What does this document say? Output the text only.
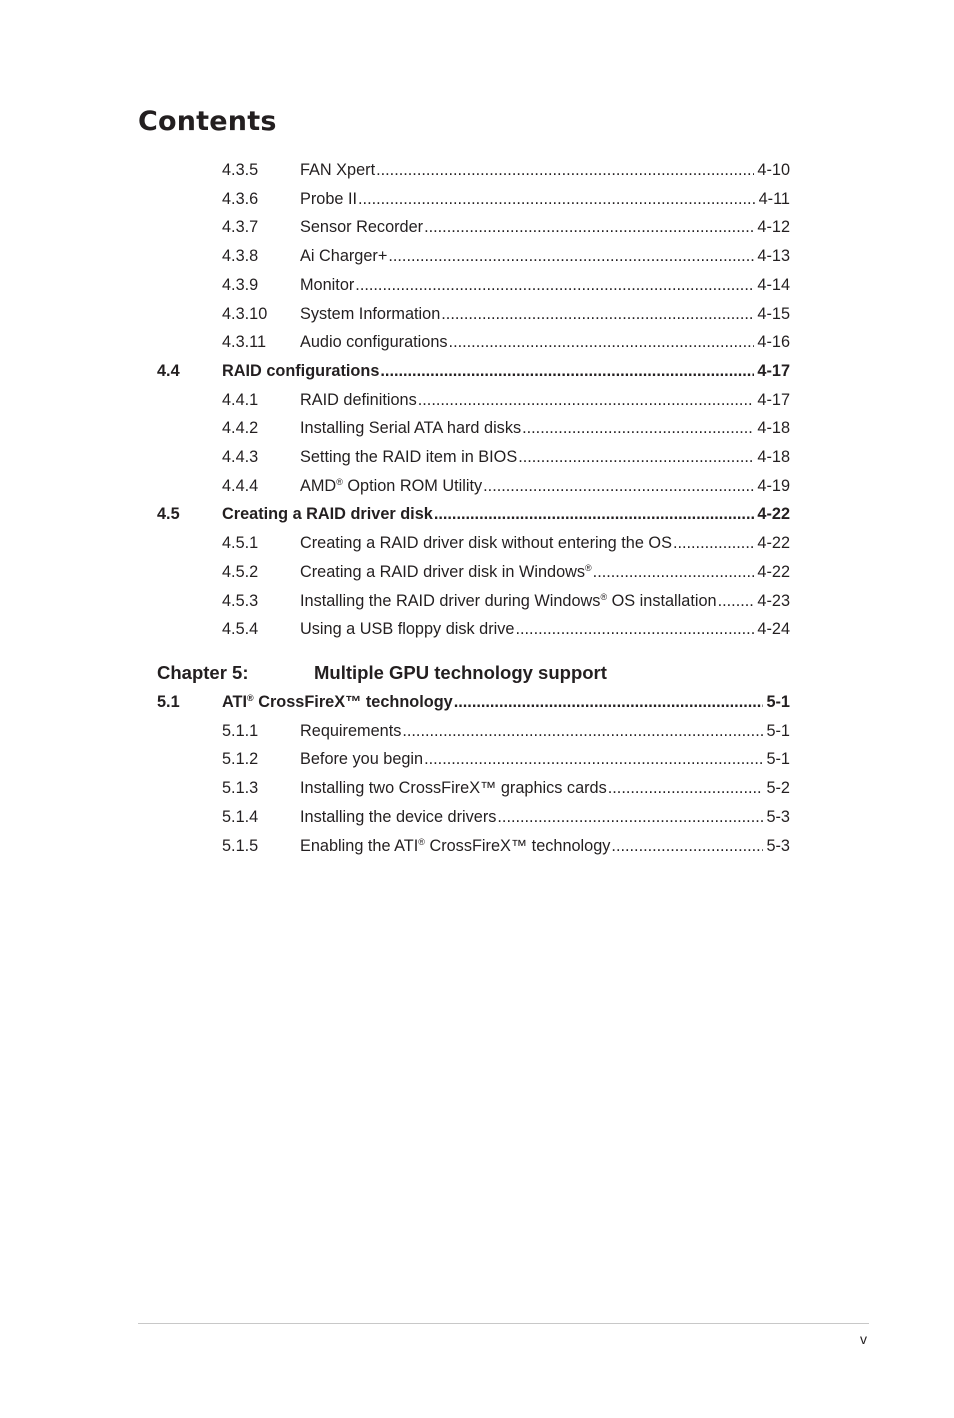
Contents
4.3.5	FAN Xpert .....	4-10
4.3.6	Probe II .....	4-11
4.3.7	Sensor Recorder .....	4-12
4.3.8	Ai Charger+ .....	4-13
4.3.9	Monitor .....	4-14
4.3.10 System Information .....	4-15
4.3.11 Audio configurations .....	4-16
4.4	RAID configurations .....	4-17
4.4.1	RAID definitions .....	4-17
4.4.2	Installing Serial ATA hard disks .....	4-18
4.4.3	Setting the RAID item in BIOS .....	4-18
4.4.4	AMD® Option ROM Utility .....	4-19
4.5	Creating a RAID driver disk .....	4-22
4.5.1	Creating a RAID driver disk without entering the OS .....	4-22
4.5.2	Creating a RAID driver disk in Windows® .....	4-22
4.5.3	Installing the RAID driver during Windows® OS installation .....	4-23
4.5.4	Using a USB floppy disk drive .....	4-24
5.1	ATI® CrossFireX™ technology .....	5-1
5.1.1	Requirements .....	5-1
5.1.2	Before you begin .....	5-1
5.1.3	Installing two CrossFireX™ graphics cards .....	5-2
5.1.4	Installing the device drivers .....	5-3
5.1.5	Enabling the ATI® CrossFireX™ technology .....	5-3
Chapter 5:	Multiple GPU technology support
v
